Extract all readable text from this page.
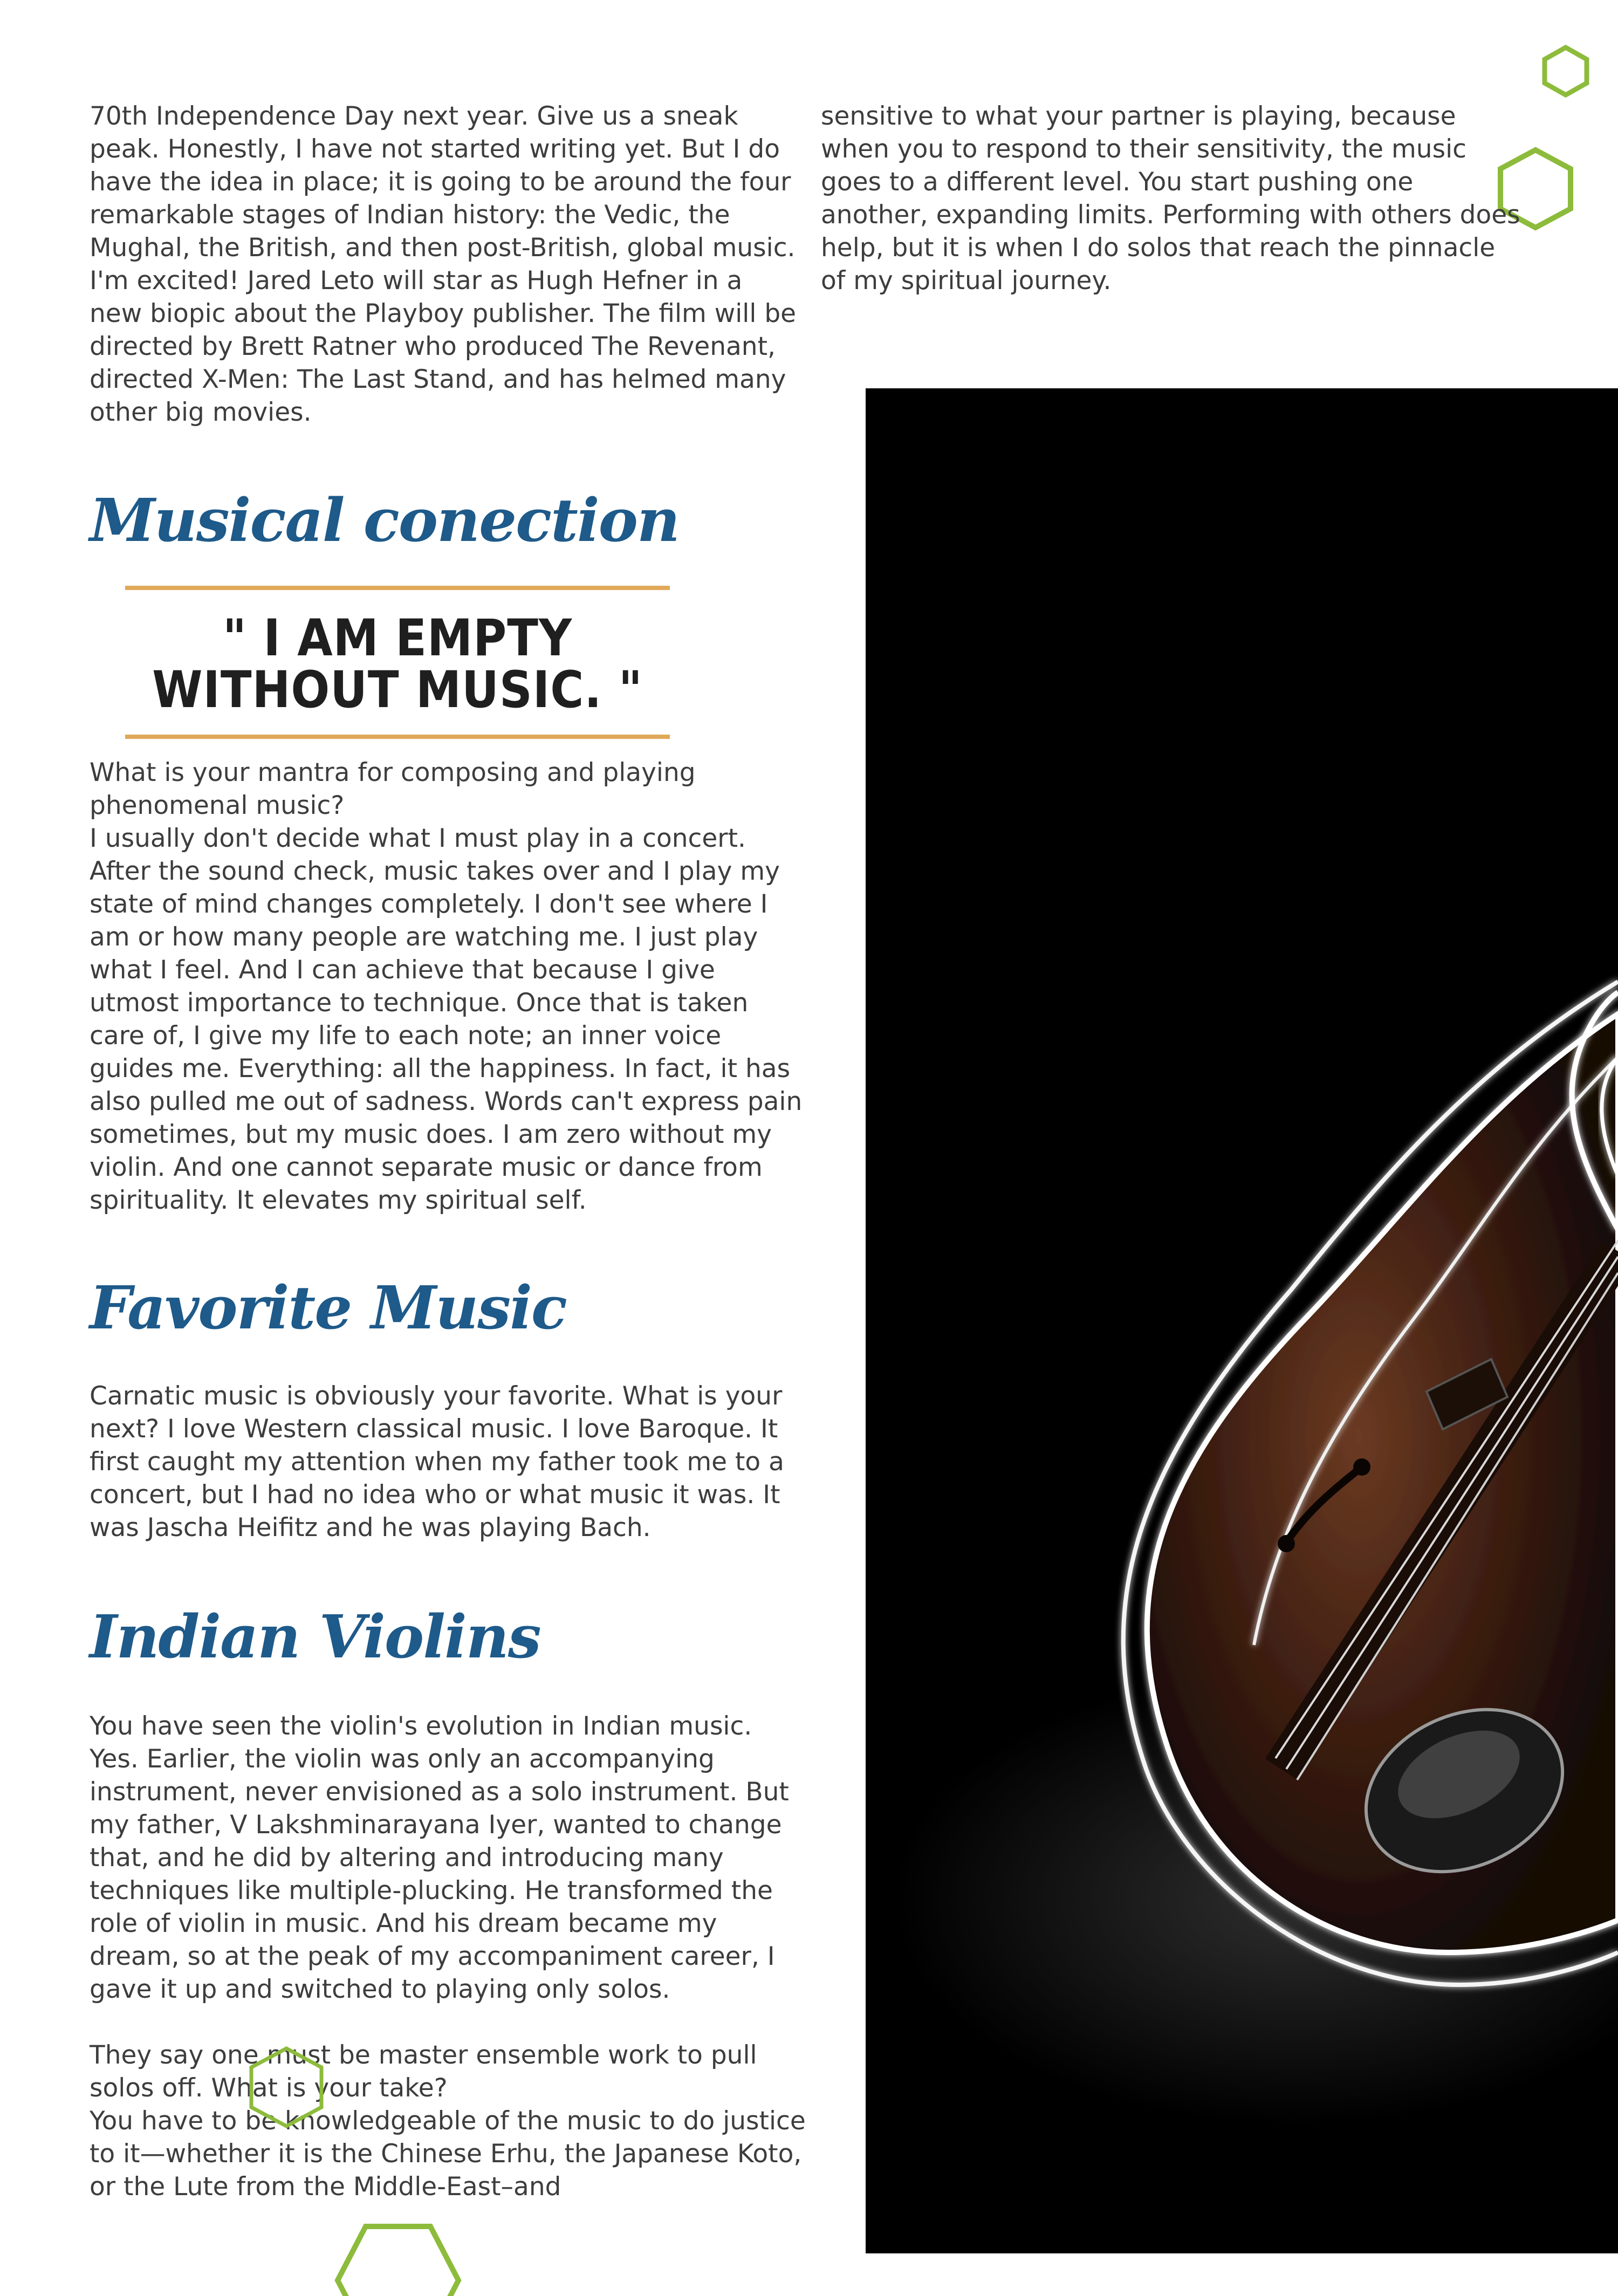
70th Independence Day next year. Give us a sneak peak. Honestly, I have not started writing yet. But I do have the idea in place; it is going to be around the four remarkable stages of Indian history: the Vedic, the Mughal, the British, and then post-British, global music. I'm excited! Jared Leto will star as Hugh Hefner in a new biopic about the Playboy publisher. The film will be directed by Brett Ratner who produced The Revenant, directed X-Men: The Last Stand, and has helmed many other big movies.

sensitive to what your partner is playing, because when you to respond to their sensitivity, the music goes to a different level. You start pushing one another, expanding limits. Performing with others does help, but it is when I do solos that reach the pinnacle of my spiritual journey.

Musical conection
" I AM EMPTY WITHOUT MUSIC. "

What is your mantra for composing and playing phenomenal music?
I usually don't decide what I must play in a concert. After the sound check, music takes over and I play my state of mind changes completely. I don't see where I am or how many people are watching me. I just play what I feel. And I can achieve that because I give utmost importance to technique. Once that is taken care of, I give my life to each note; an inner voice guides me. Everything: all the happiness. In fact, it has also pulled me out of sadness. Words can't express pain sometimes, but my music does. I am zero without my violin. And one cannot separate music or dance from spirituality. It elevates my spiritual self.

Favorite Music

Carnatic music is obviously your favorite. What is your next? I love Western classical music. I love Baroque. It first caught my attention when my father took me to a concert, but I had no idea who or what music it was. It was Jascha Heifitz and he was playing Bach.

Indian Violins

You have seen the violin's evolution in Indian music. Yes. Earlier, the violin was only an accompanying instrument, never envisioned as a solo instrument. But my father, V Lakshminarayana Iyer, wanted to change that, and he did by altering and introducing many techniques like multiple-plucking. He transformed the role of violin in music. And his dream became my dream, so at the peak of my accompaniment career, I gave it up and switched to playing only solos.

They say one must be master ensemble work to pull solos off. What is your take?
You have to be knowledgeable of the music to do justice to it—whether it is the Chinese Erhu, the Japanese Koto, or the Lute from the Middle-East–and
